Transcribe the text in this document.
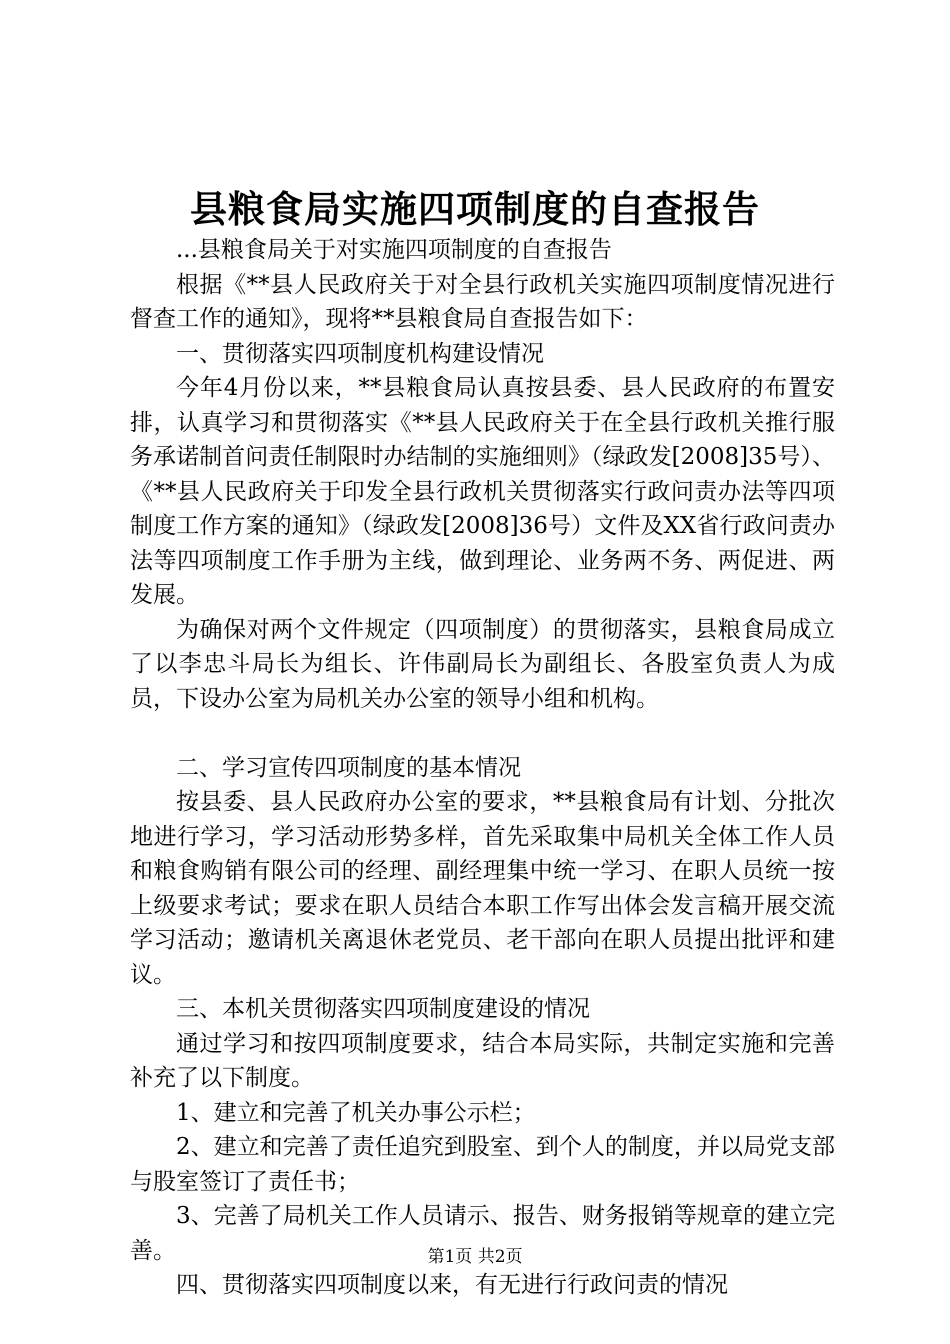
县粮食局实施四项制度的自查报告

...县粮食局关于对实施四项制度的自查报告

根据《**县人民政府关于对全县行政机关实施四项制度情况进行督查工作的通知》，现将**县粮食局自查报告如下：

一、贯彻落实四项制度机构建设情况

今年4月份以来，**县粮食局认真按县委、县人民政府的布置安排，认真学习和贯彻落实《**县人民政府关于在全县行政机关推行服务承诺制首问责任制限时办结制的实施细则》（绿政发[2008]35号）、《**县人民政府关于印发全县行政机关贯彻落实行政问责办法等四项制度工作方案的通知》（绿政发[2008]36号）文件及XX省行政问责办法等四项制度工作手册为主线，做到理论、业务两不务、两促进、两发展。

为确保对两个文件规定（四项制度）的贯彻落实，县粮食局成立了以李忠斗局长为组长、许伟副局长为副组长、各股室负责人为成员，下设办公室为局机关办公室的领导小组和机构。

二、学习宣传四项制度的基本情况

按县委、县人民政府办公室的要求，**县粮食局有计划、分批次地进行学习，学习活动形势多样，首先采取集中局机关全体工作人员和粮食购销有限公司的经理、副经理集中统一学习、在职人员统一按上级要求考试；要求在职人员结合本职工作写出体会发言稿开展交流学习活动；邀请机关离退休老党员、老干部向在职人员提出批评和建议。

三、本机关贯彻落实四项制度建设的情况

通过学习和按四项制度要求，结合本局实际，共制定实施和完善补充了以下制度。

1、建立和完善了机关办事公示栏；

2、建立和完善了责任追究到股室、到个人的制度，并以局党支部与股室签订了责任书；

3、完善了局机关工作人员请示、报告、财务报销等规章的建立完善。

四、贯彻落实四项制度以来，有无进行行政问责的情况

第1页 共2页
